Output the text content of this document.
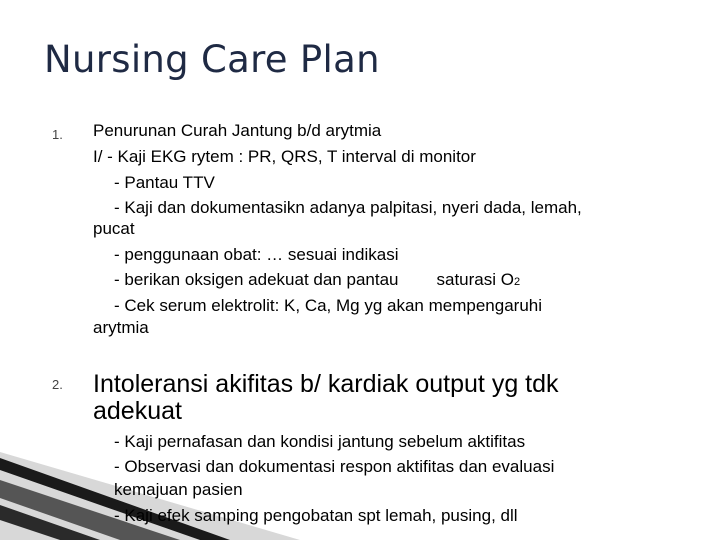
Nursing Care Plan
1. Penurunan Curah Jantung b/d arytmia
I/ - Kaji EKG rytem : PR, QRS, T interval di monitor
- Pantau TTV
- Kaji dan dokumentasikn adanya palpitasi, nyeri dada, lemah,
pucat
- penggunaan obat: … sesuai indikasi
- berikan oksigen adekuat dan pantau saturasi O2
- Cek serum elektrolit: K, Ca, Mg yg akan mempengaruhi
arytmia
2. Intoleransi akifitas b/ kardiak output yg tdk
adekuat
- Kaji pernafasan dan kondisi jantung sebelum aktifitas
- Observasi dan dokumentasi respon aktifitas dan evaluasi
kemajuan pasien
- Kaji efek samping pengobatan spt lemah, pusing, dll
